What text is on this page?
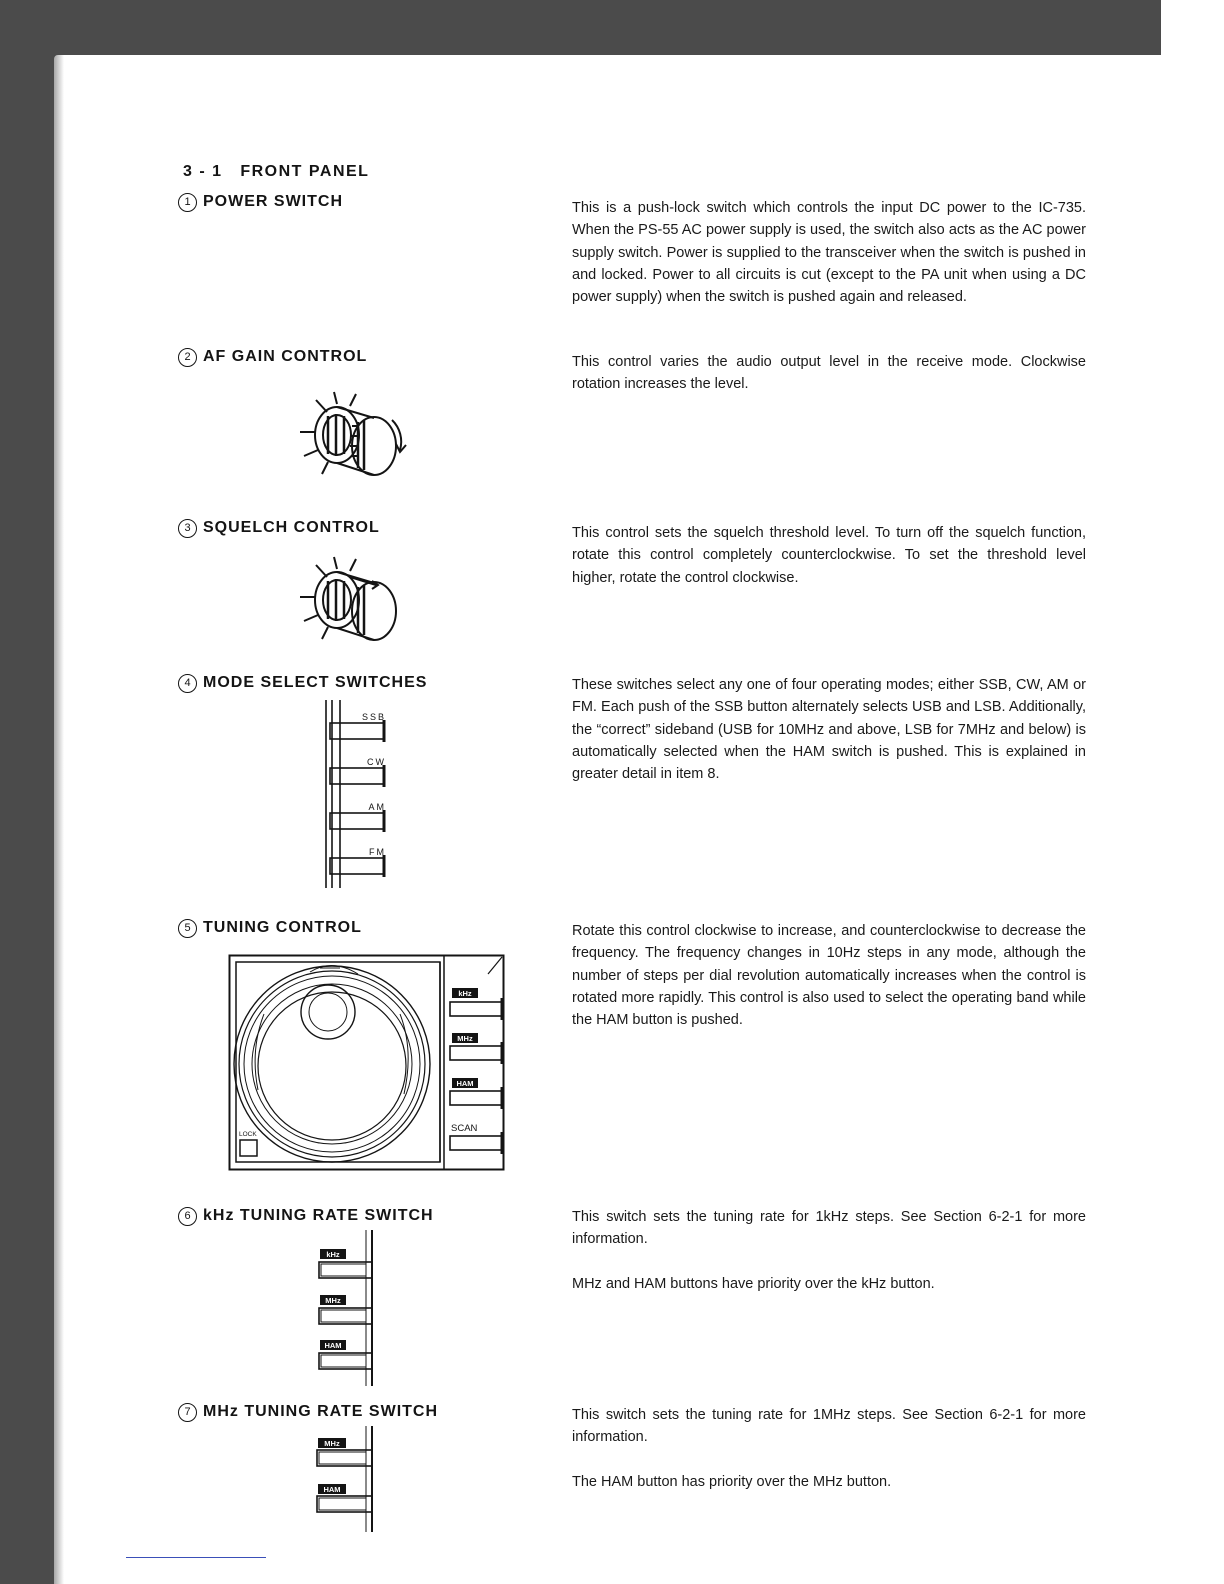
3 - 1   FRONT PANEL
1 POWER SWITCH	This is a push-lock switch which controls the input DC power to the IC-735. When the PS-55 AC power supply is used, the switch also acts as the AC power supply switch. Power is supplied to the transceiver when the switch is pushed in and locked. Power to all circuits is cut (except to the PA unit when using a DC power supply) when the switch is pushed again and released.

2 AF GAIN CONTROL	This control varies the audio output level in the receive mode. Clockwise rotation increases the level.

3 SQUELCH CONTROL	This control sets the squelch threshold level. To turn off the squelch function, rotate this control completely counterclockwise. To set the threshold level higher, rotate the control clockwise.

4 MODE SELECT SWITCHES	These switches select any one of four operating modes; either SSB, CW, AM or FM. Each push of the SSB button alternately selects USB and LSB. Additionally, the “correct” sideband (USB for 10MHz and above, LSB for 7MHz and below) is automatically selected when the HAM switch is pushed. This is explained in greater detail in item 8.

SSB
CW
AM
FM
5 TUNING CONTROL	Rotate this control clockwise to increase, and counterclockwise to decrease the frequency. The frequency changes in 10Hz steps in any mode, although the number of steps per dial revolution automatically increases when the control is rotated more rapidly. This control is also used to select the operating band while the HAM button is pushed.

kHz
MHz
HAM
SCAN
LOCK
6 kHz TUNING RATE SWITCH	This switch sets the tuning rate for 1kHz steps. See Section 6-2-1 for more information.

MHz and HAM buttons have priority over the kHz button.

kHz
MHz
HAM
7 MHz TUNING RATE SWITCH	This switch sets the tuning rate for 1MHz steps. See Section 6-2-1 for more information.

The HAM button has priority over the MHz button.

MHz
HAM
